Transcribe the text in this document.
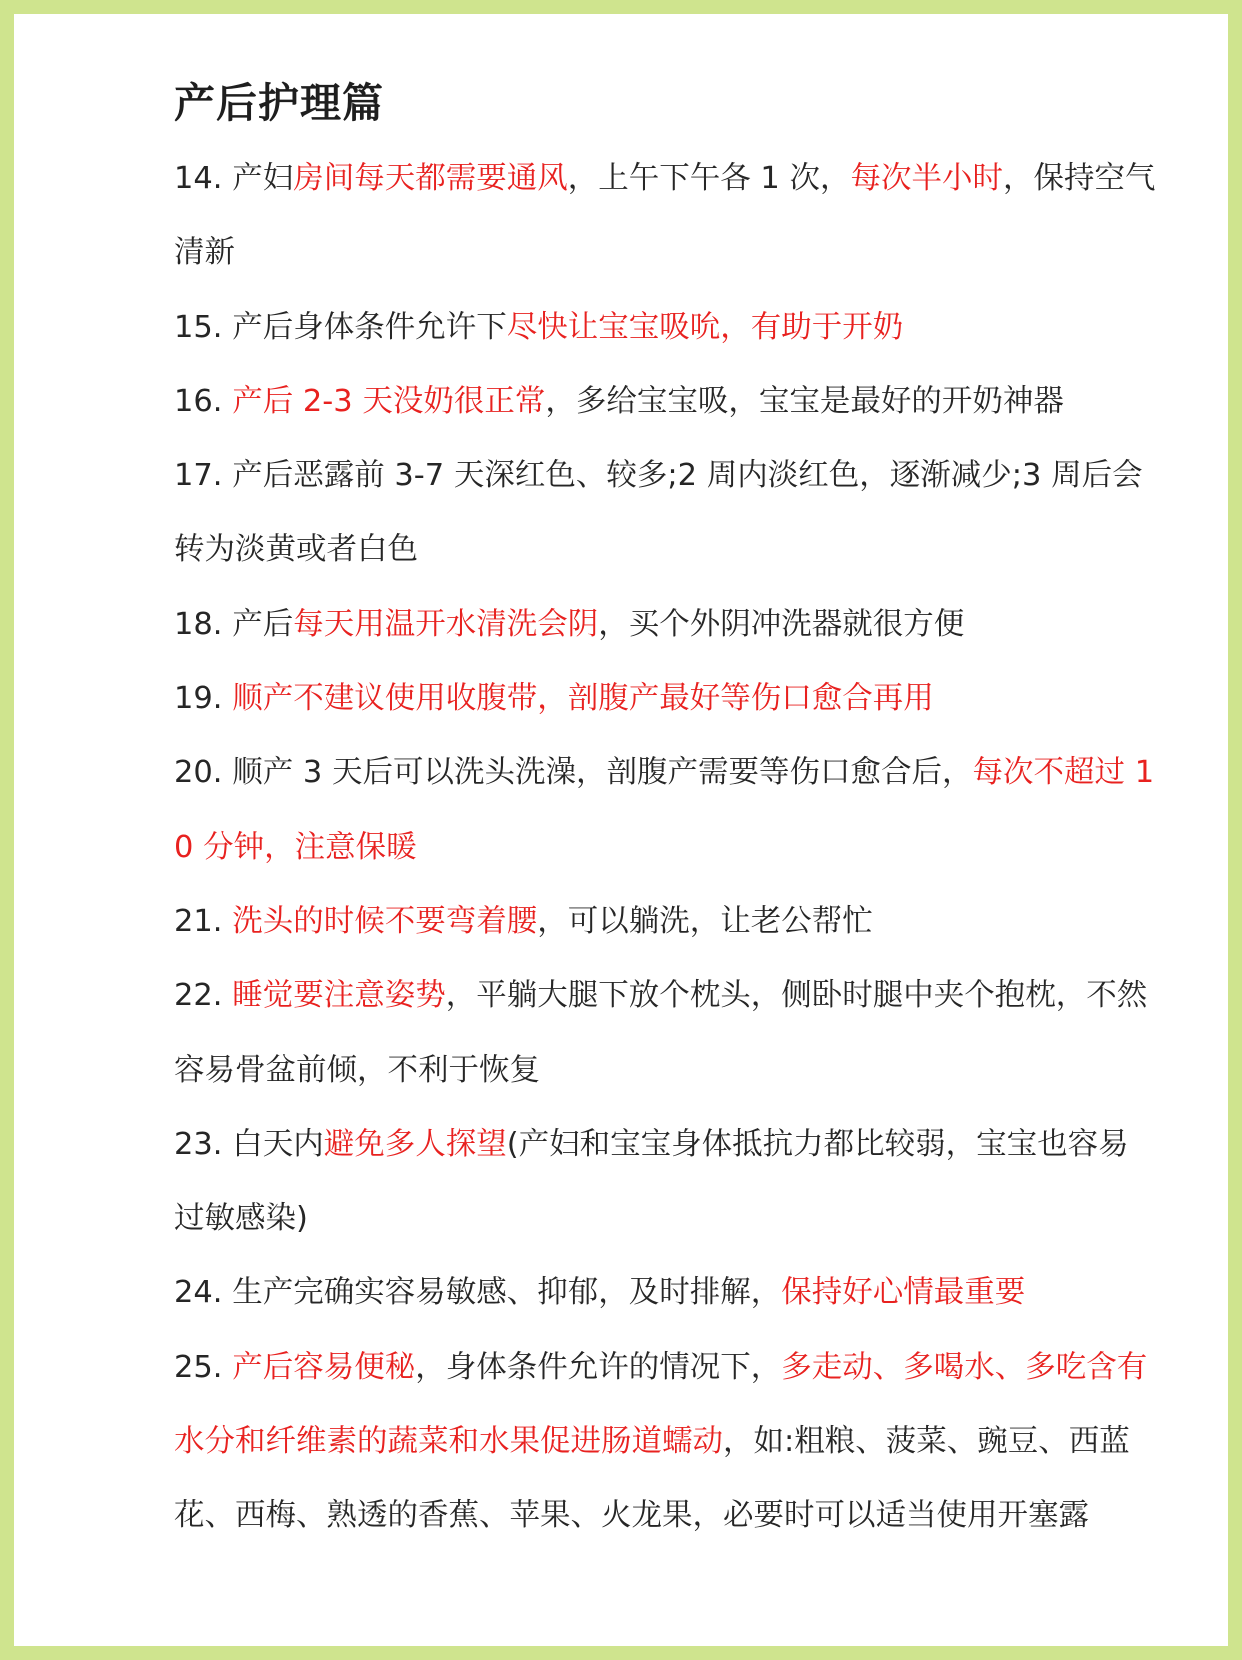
产后护理篇
14. 产妇房间每天都需要通风，上午下午各 1 次，每次半小时，保持空气清新
15. 产后身体条件允许下尽快让宝宝吸吮，有助于开奶
16. 产后 2-3 天没奶很正常，多给宝宝吸，宝宝是最好的开奶神器
17. 产后恶露前 3-7 天深红色、较多;2 周内淡红色，逐渐减少;3 周后会转为淡黄或者白色
18. 产后每天用温开水清洗会阴，买个外阴冲洗器就很方便
19. 顺产不建议使用收腹带，剖腹产最好等伤口愈合再用
20. 顺产 3 天后可以洗头洗澡，剖腹产需要等伤口愈合后，每次不超过 10 分钟，注意保暖
21. 洗头的时候不要弯着腰，可以躺洗，让老公帮忙
22. 睡觉要注意姿势，平躺大腿下放个枕头，侧卧时腿中夹个抱枕，不然容易骨盆前倾，不利于恢复
23. 白天内避免多人探望(产妇和宝宝身体抵抗力都比较弱，宝宝也容易过敏感染)
24. 生产完确实容易敏感、抑郁，及时排解，保持好心情最重要
25. 产后容易便秘，身体条件允许的情况下，多走动、多喝水、多吃含有水分和纤维素的蔬菜和水果促进肠道蠕动，如:粗粮、菠菜、豌豆、西蓝花、西梅、熟透的香蕉、苹果、火龙果，必要时可以适当使用开塞露
